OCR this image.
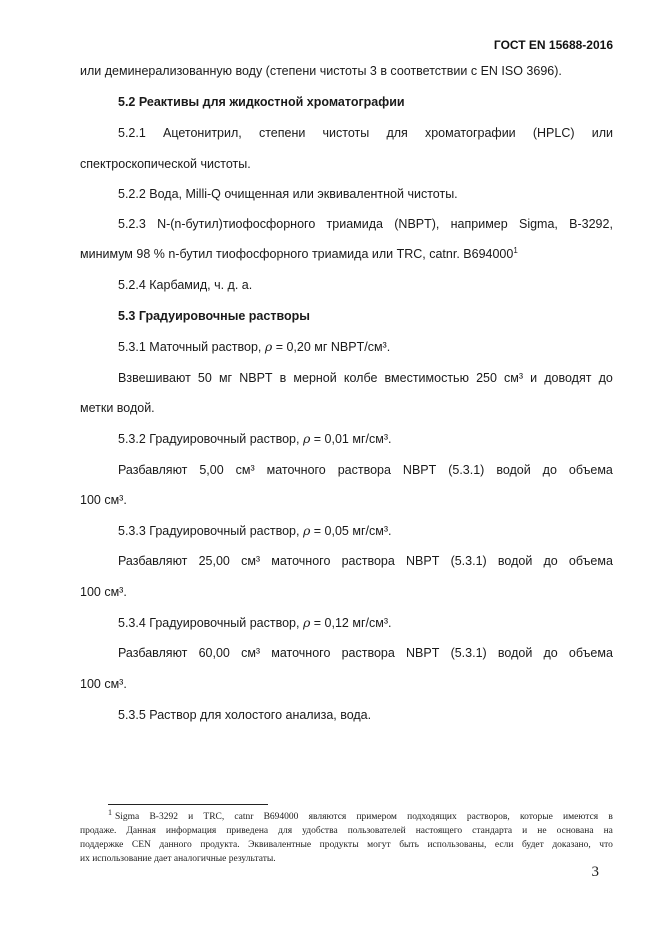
ГОСТ EN 15688-2016
или деминерализованную воду (степени чистоты 3 в соответствии с EN ISO 3696).
5.2 Реактивы для жидкостной хроматографии
5.2.1 Ацетонитрил, степени чистоты для хроматографии (HPLC) или
спектроскопической чистоты.
5.2.2 Вода, Milli-Q очищенная или эквивалентной чистоты.
5.2.3 N-(n-бутил)тиофосфорного триамида (NBPT), например Sigma, B-3292,
минимум 98 % n-бутил тиофосфорного триамида или TRC, catnr. B694000$^1$
5.2.4 Карбамид, ч. д. а.
5.3 Градуировочные растворы
5.3.1 Маточный раствор, ρ = 0,20 мг NBPT/см³.
Взвешивают 50 мг NBPT в мерной колбе вместимостью 250 см³ и доводят до
метки водой.
5.3.2 Градуировочный раствор, ρ = 0,01 мг/см³.
Разбавляют 5,00 см³ маточного раствора NBPT (5.3.1) водой до объема
100 см³.
5.3.3 Градуировочный раствор, ρ = 0,05 мг/см³.
Разбавляют 25,00 см³ маточного раствора NBPT (5.3.1) водой до объема
100 см³.
5.3.4 Градуировочный раствор, ρ = 0,12 мг/см³.
Разбавляют 60,00 см³ маточного раствора NBPT (5.3.1) водой до объема
100 см³.
5.3.5 Раствор для холостого анализа, вода.
$^1$ Sigma B-3292 и TRC, catnr B694000 являются примером подходящих растворов, которые имеются в
продаже. Данная информация приведена для удобства пользователей настоящего стандарта и не основана на
поддержке CEN данного продукта. Эквивалентные продукты могут быть использованы, если будет доказано, что
их использование дает аналогичные результаты.
3
